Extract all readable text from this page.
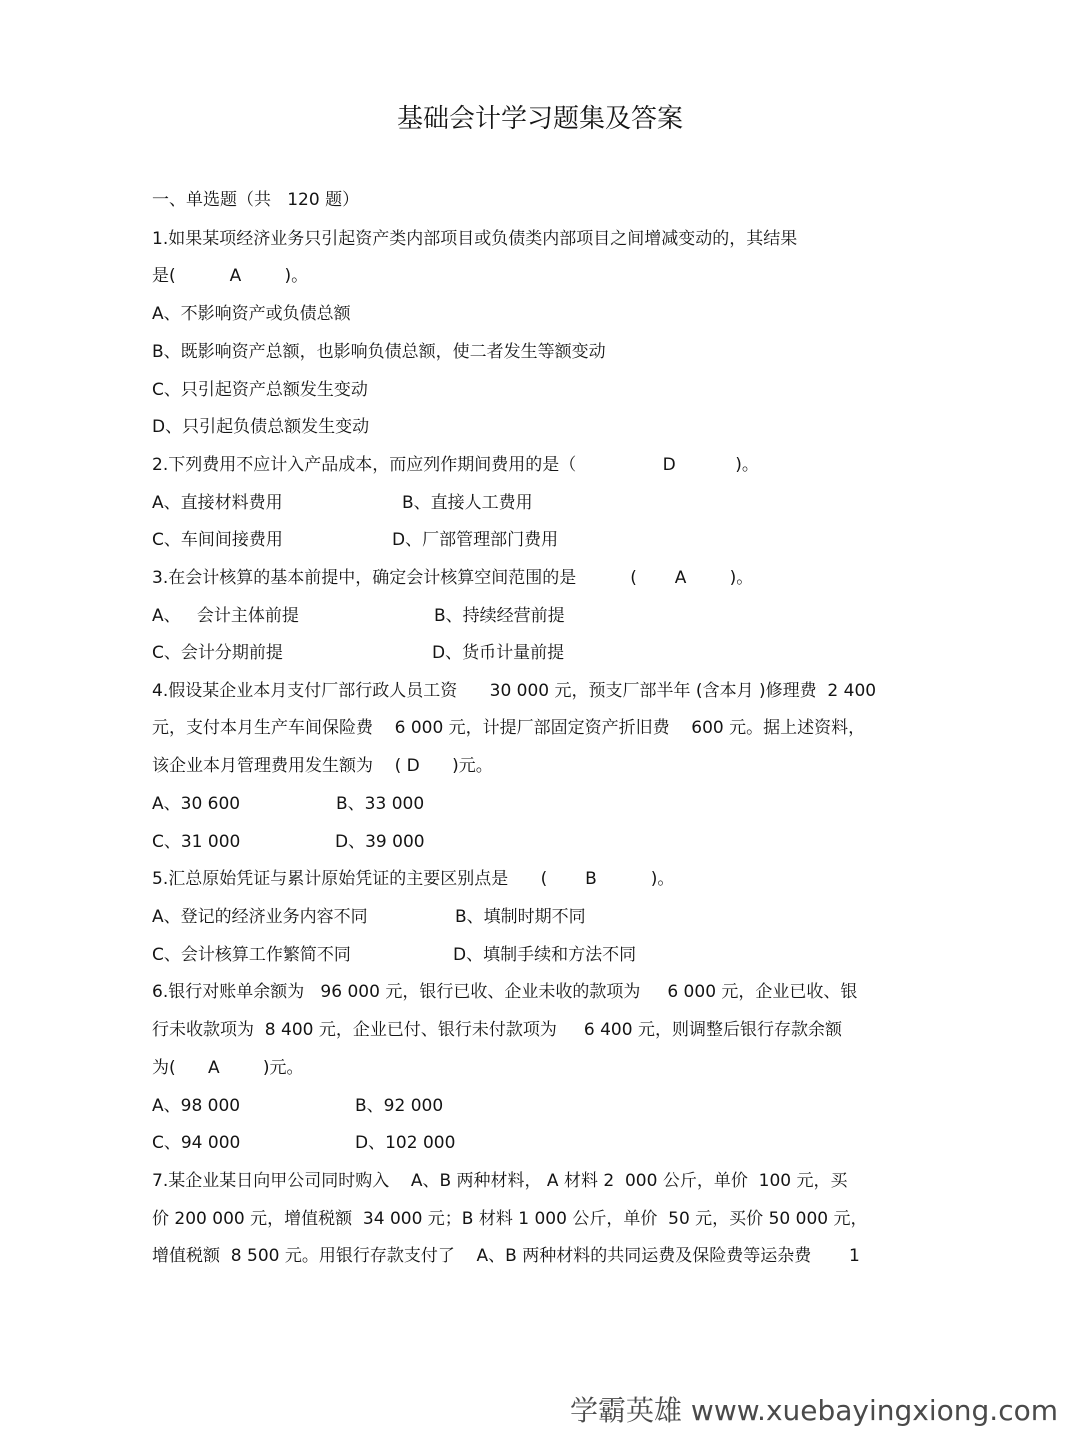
基础会计学习题集及答案
一、单选题（共   120 题）
1.如果某项经济业务只引起资产类内部项目或负债类内部项目之间增减变动的，其结果
是(          A        )。
A、不影响资产或负债总额
B、既影响资产总额，也影响负债总额，使二者发生等额变动
C、只引起资产总额发生变动
D、只引起负债总额发生变动
2.下列费用不应计入产品成本，而应列作期间费用的是（                D           )。

A、直接材料费用

	B、直接人工费用

C、车间间接费用

	D、厂部管理部门费用

3.在会计核算的基本前提中，确定会计核算空间范围的是          (       A        )。

A、   会计主体前提

	B、持续经营前提

C、会计分期前提

	D、货币计量前提

4.假设某企业本月支付厂部行政人员工资      30 000 元，预支厂部半年 (含本月 )修理费  2 400
元，支付本月生产车间保险费    6 000 元，计提厂部固定资产折旧费    600 元。据上述资料，
该企业本月管理费用发生额为    ( D      )元。

A、30 600

	B、33 000

C、31 000

	D、39 000

5.汇总原始凭证与累计原始凭证的主要区别点是      (       B          )。

A、登记的经济业务内容不同

	B、填制时期不同

C、会计核算工作繁简不同

	D、填制手续和方法不同

6.银行对账单余额为   96 000 元，银行已收、企业未收的款项为     6 000 元，企业已收、银
行未收款项为  8 400 元，企业已付、银行未付款项为     6 400 元，则调整后银行存款余额
为(      A        )元。

A、98 000

	B、92 000

C、94 000

	D、102 000

7.某企业某日向甲公司同时购入    A、B 两种材料， A 材料 2  000 公斤，单价  100 元，买
价 200 000 元，增值税额  34 000 元；B 材料 1 000 公斤，单价  50 元，买价 50 000 元，
增值税额  8 500 元。用银行存款支付了    A、B 两种材料的共同运费及保险费等运杂费       1
学霸英雄 www.xuebayingxiong.com
